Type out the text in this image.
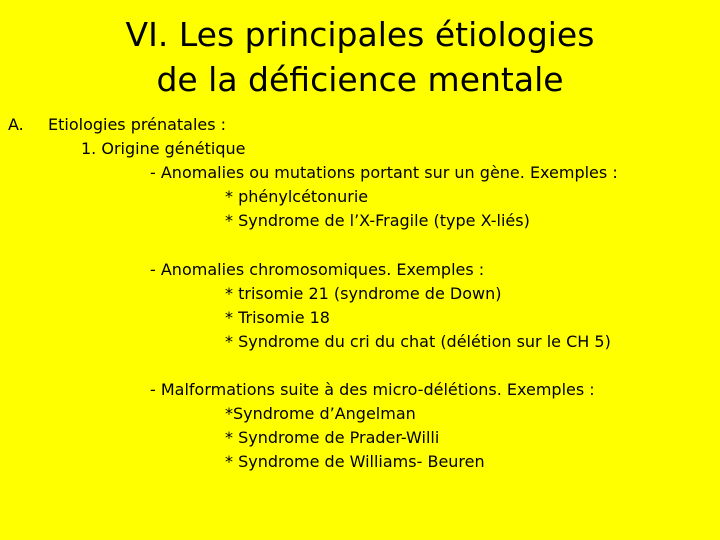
VI. Les principales étiologies
de la déficience mentale
A. Etiologies prénatales :
1. Origine génétique
- Anomalies ou mutations portant sur un gène. Exemples :
* phénylcétonurie
* Syndrome de l’X-Fragile (type X-liés)
- Anomalies chromosomiques. Exemples :
* trisomie 21 (syndrome de Down)
* Trisomie 18
* Syndrome du cri du chat (délétion sur le CH 5)
- Malformations suite à des micro-délétions. Exemples :
*Syndrome d’Angelman
* Syndrome de Prader-Willi
* Syndrome de Williams- Beuren
